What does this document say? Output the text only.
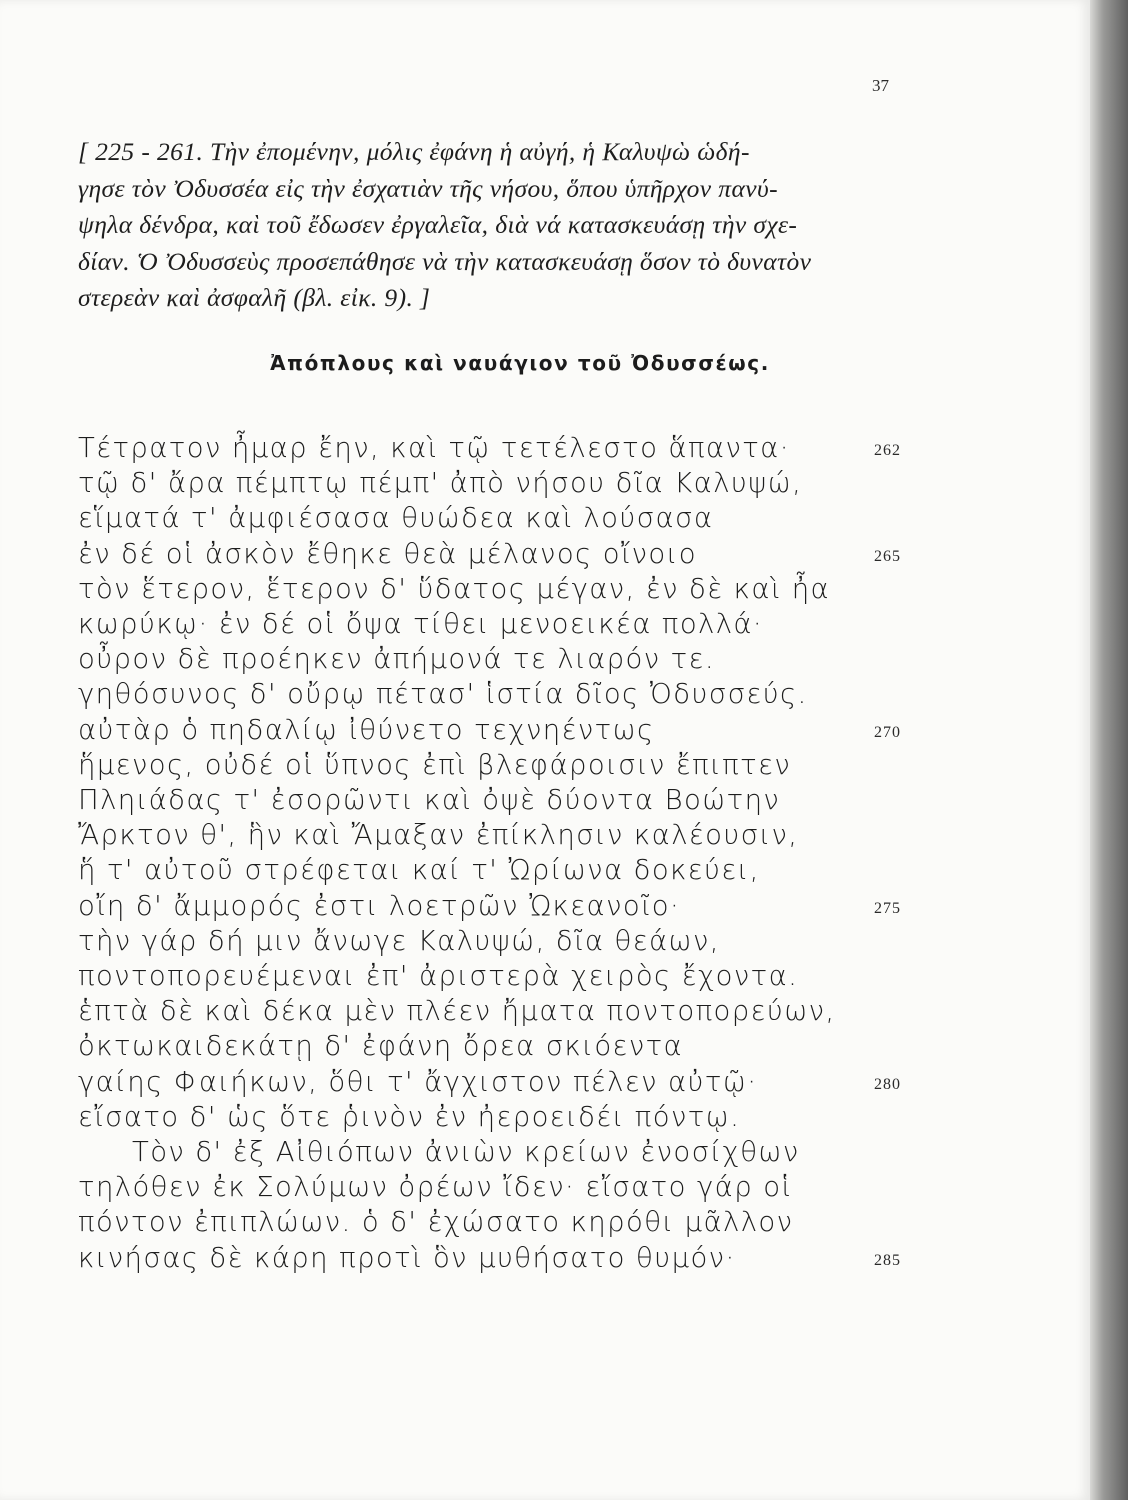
37
[ 225 - 261. Τὴν ἐπομένην, μόλις ἐφάνη ἡ αὐγή, ἡ Καλυψὼ ὡδή-
γησε τὸν Ὀδυσσέα εἰς τὴν ἐσχατιὰν τῆς νήσου, ὅπου ὑπῆρχον πανύ-
ψηλα δένδρα, καὶ τοῦ ἔδωσεν ἐργαλεῖα, διὰ νά κατασκευάσῃ τὴν σχε-
δίαν. Ὁ Ὀδυσσεὺς προσεπάθησε νὰ τὴν κατασκευάσῃ ὅσον τὸ δυνατὸν
στερεὰν καὶ ἀσφαλῆ (βλ. εἰκ. 9). ]
Ἀπόπλους καὶ ναυάγιον τοῦ Ὀδυσσέως.
Τέτρατον ἦμαρ ἔην, καὶ τῷ τετέλεστο ἅπαντα·	262
τῷ δ' ἄρα πέμπτῳ πέμπ' ἀπὸ νήσου δῖα Καλυψώ,
εἵματά τ' ἀμφιέσασα θυώδεα καὶ λούσασα
ἐν δέ οἱ ἀσκὸν ἔθηκε θεὰ μέλανος οἴνοιο	265
τὸν ἕτερον, ἕτερον δ' ὕδατος μέγαν, ἐν δὲ καὶ ἦα
κωρύκῳ· ἐν δέ οἱ ὄψα τίθει μενοεικέα πολλά·
οὖρον δὲ προέηκεν ἀπήμονά τε λιαρόν τε.
γηθόσυνος δ' οὔρῳ πέτασ' ἱστία δῖος Ὀδυσσεύς.
αὐτὰρ ὁ πηδαλίῳ ἰθύνετο τεχνηέντως	270
ἥμενος, οὐδέ οἱ ὕπνος ἐπὶ βλεφάροισιν ἔπιπτεν
Πληιάδας τ' ἐσορῶντι καὶ ὀψὲ δύοντα Βοώτην
Ἄρκτον θ', ἣν καὶ Ἄμαξαν ἐπίκλησιν καλέουσιν,
ἥ τ' αὐτοῦ στρέφεται καί τ' Ὠρίωνα δοκεύει,
οἴη δ' ἄμμορός ἐστι λοετρῶν Ὠκεανοῖο·	275
τὴν γάρ δή μιν ἄνωγε Καλυψώ, δῖα θεάων,
ποντοπορευέμεναι ἐπ' ἀριστερὰ χειρὸς ἔχοντα.
ἑπτὰ δὲ καὶ δέκα μὲν πλέεν ἤματα ποντοπορεύων,
ὀκτωκαιδεκάτῃ δ' ἐφάνη ὄρεα σκιόεντα
γαίης Φαιήκων, ὅθι τ' ἄγχιστον πέλεν αὐτῷ·	280
εἴσατο δ' ὡς ὅτε ῥινὸν ἐν ἠεροειδέι πόντῳ.
Τὸν δ' ἐξ Αἰθιόπων ἀνιὼν κρείων ἐνοσίχθων
τηλόθεν ἐκ Σολύμων ὀρέων ἴδεν· εἴσατο γάρ οἱ
πόντον ἐπιπλώων. ὁ δ' ἐχώσατο κηρόθι μᾶλλον
κινήσας δὲ κάρη προτὶ ὃν μυθήσατο θυμόν·	285
